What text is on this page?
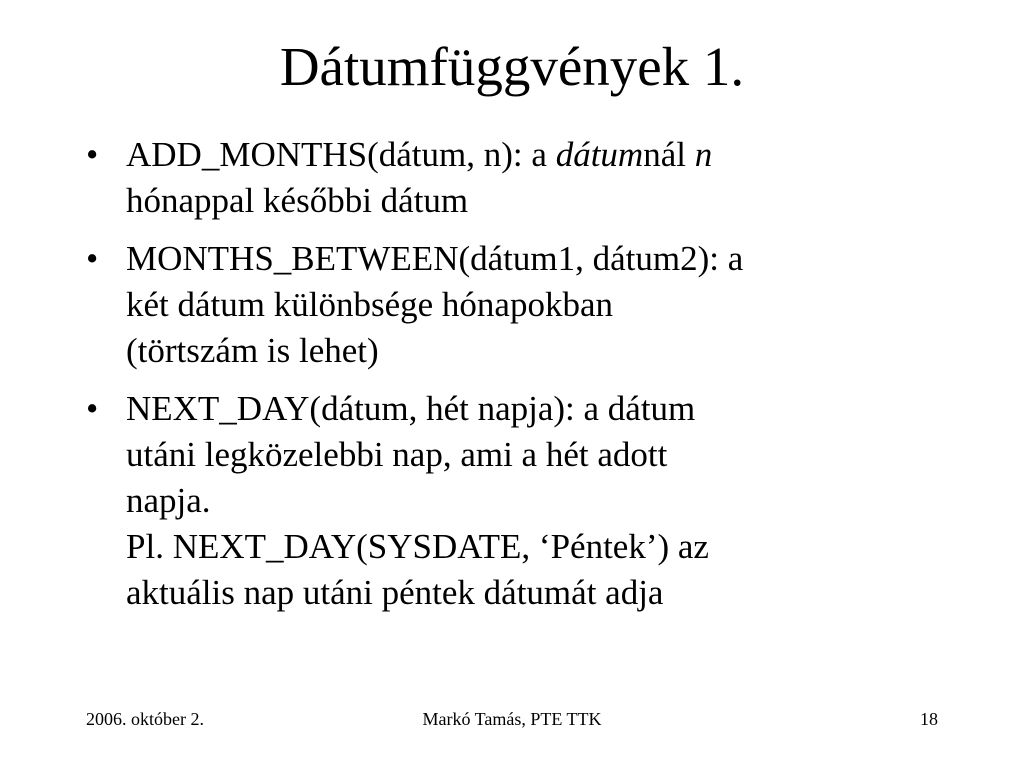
Dátumfüggvények 1.
• ADD_MONTHS(dátum, n): a dátumnál n
hónappal későbbi dátum
• MONTHS_BETWEEN(dátum1, dátum2): a
két dátum különbsége hónapokban
(törtszám is lehet)
• NEXT_DAY(dátum, hét napja): a dátum
utáni legközelebbi nap, ami a hét adott
napja.
Pl. NEXT_DAY(SYSDATE, ‘Péntek’) az
aktuális nap utáni péntek dátumát adja
2006. október 2.	Markó Tamás, PTE TTK	18
